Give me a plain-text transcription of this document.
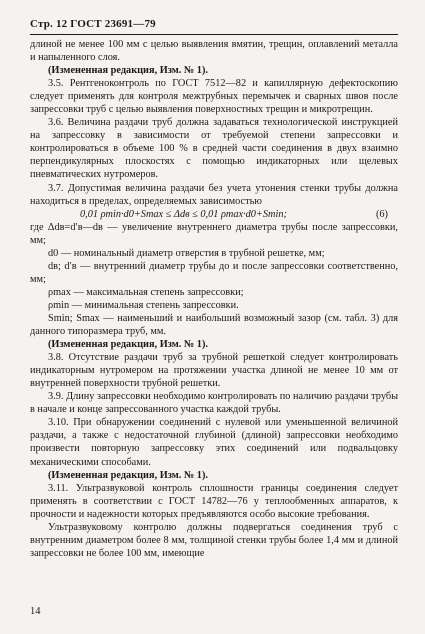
Стр. 12 ГОСТ 23691—79

длиной не менее 100 мм с целью выявления вмятин, трещин, оплавлений металла и напыленного слоя.

(Измененная редакция, Изм. № 1).

3.5. Рентгеноконтроль по ГОСТ 7512—82 и капиллярную дефектоскопию следует применять для контроля межтрубных перемычек и сварных швов после запрессовки труб с целью выявления поверхностных трещин и микротрещин.

3.6. Величина раздачи труб должна задаваться технологической инструкцией на запрессовку в зависимости от требуемой степени запрессовки и контролироваться в объеме 100 % в средней части соединения в двух взаимно перпендикулярных плоскостях с помощью индикаторных или щелевых пневматических нутромеров.

3.7. Допустимая величина раздачи без учета утонения стенки трубы должна находиться в пределах, определяемых зависимостью

0,01 ρmin·d0+Smax ≤ Δdв ≤ 0,01 ρmax·d0+Smin;	(6)

где Δdв=d′в—dв — увеличение внутреннего диаметра трубы после запрессовки, мм;

d0 — номинальный диаметр отверстия в трубной решетке, мм;

dв; d′в — внутренний диаметр трубы до и после запрессовки соответственно, мм;

ρmax — максимальная степень запрессовки;

ρmin — минимальная степень запрессовки.

Smin; Smax — наименьший и наибольший возможный зазор (см. табл. 3) для данного типоразмера труб, мм.

(Измененная редакция, Изм. № 1).

3.8. Отсутствие раздачи труб за трубной решеткой следует контролировать индикаторным нутромером на протяжении участка длиной не менее 10 мм от внутренней поверхности трубной решетки.

3.9. Длину запрессовки необходимо контролировать по наличию раздачи трубы в начале и конце запрессованного участка каждой трубы.

3.10. При обнаружении соединений с нулевой или уменьшенной величиной раздачи, а также с недостаточной глубиной (длиной) запрессовки необходимо произвести повторную запрессовку этих соединений или подвальцовку механическими способами.

(Измененная редакция, Изм. № 1).

3.11. Ультразвуковой контроль сплошности границы соединения следует применять в соответствии с ГОСТ 14782—76 у теплообменных аппаратов, к прочности и надежности которых предъявляются особо высокие требования.

Ультразвуковому контролю должны подвергаться соединения труб с внутренним диаметром более 8 мм, толщиной стенки трубы более 1,4 мм и длиной запрессовки не более 100 мм, имеющие

14
